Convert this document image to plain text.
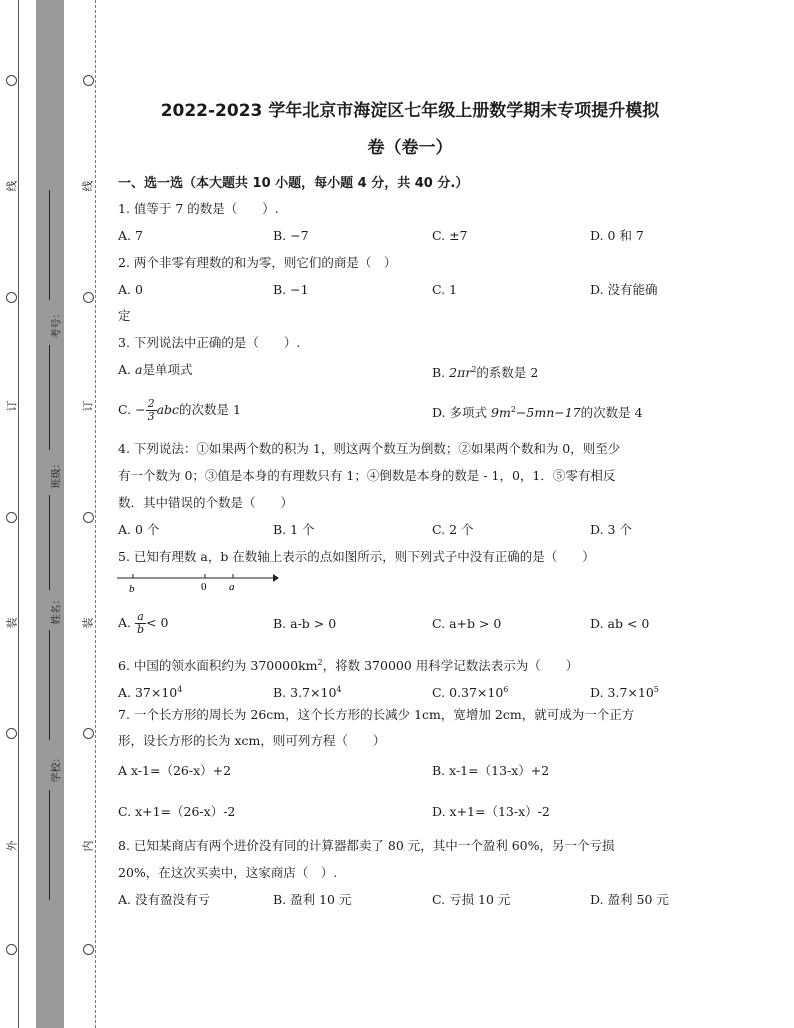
线
订
装
外
线
订
装
内
考号：
班级：
姓名：
学校：
2022-2023 学年北京市海淀区七年级上册数学期末专项提升模拟
卷（卷一）
一、选一选（本大题共 10 小题，每小题 4 分，共 40 分.）
1. 值等于 7 的数是（　　）.
A. 7	B. −7	C. ±7	D. 0 和 7
2. 两个非零有理数的和为零，则它们的商是（　）
A. 0	B. −1	C. 1	D. 没有能确
定
3. 下列说法中正确的是（　　）.
A. a是单项式	B. $2\pi r^2$的系数是 2
C. − $\frac{2}{3}$ abc的次数是 1	D. 多项式 $9m^2-5mn-17$的次数是 4
4. 下列说法：①如果两个数的积为 1，则这两个数互为倒数；②如果两个数和为 0，则至少
有一个数为 0；③值是本身的有理数只有 1；④倒数是本身的数是 - 1，0，1．⑤零有相反
数．其中错误的个数是（　　）
A. 0 个	B. 1 个	C. 2 个	D. 3 个
5. 已知有理数 a，b 在数轴上表示的点如图所示，则下列式子中没有正确的是（　　）
b	0 a
A. $\frac{a}{b} < 0$	B. a-b > 0	C. a+b > 0	D. ab < 0
6. 中国的领水面积约为 $370000km^2$，将数 370000 用科学记数法表示为（　　）
A. $37\times 10^4$	B. $3.7\times 10^4$	C. $0.37\times 10^6$	D. $3.7\times 10^5$
7. 一个长方形的周长为 26cm，这个长方形的长减少 1cm，宽增加 2cm，就可成为一个正方
形，设长方形的长为 xcm，则可列方程（　　）
A x-1=（26-x）+2	B. x-1=（13-x）+2
C. x+1=（26-x）-2	D. x+1=（13-x）-2
8. 已知某商店有两个进价没有同的计算器都卖了 80 元，其中一个盈利 60%，另一个亏损
20%，在这次买卖中，这家商店（　）.
A. 没有盈没有亏	B. 盈利 10 元	C. 亏损 10 元	D. 盈利 50 元
